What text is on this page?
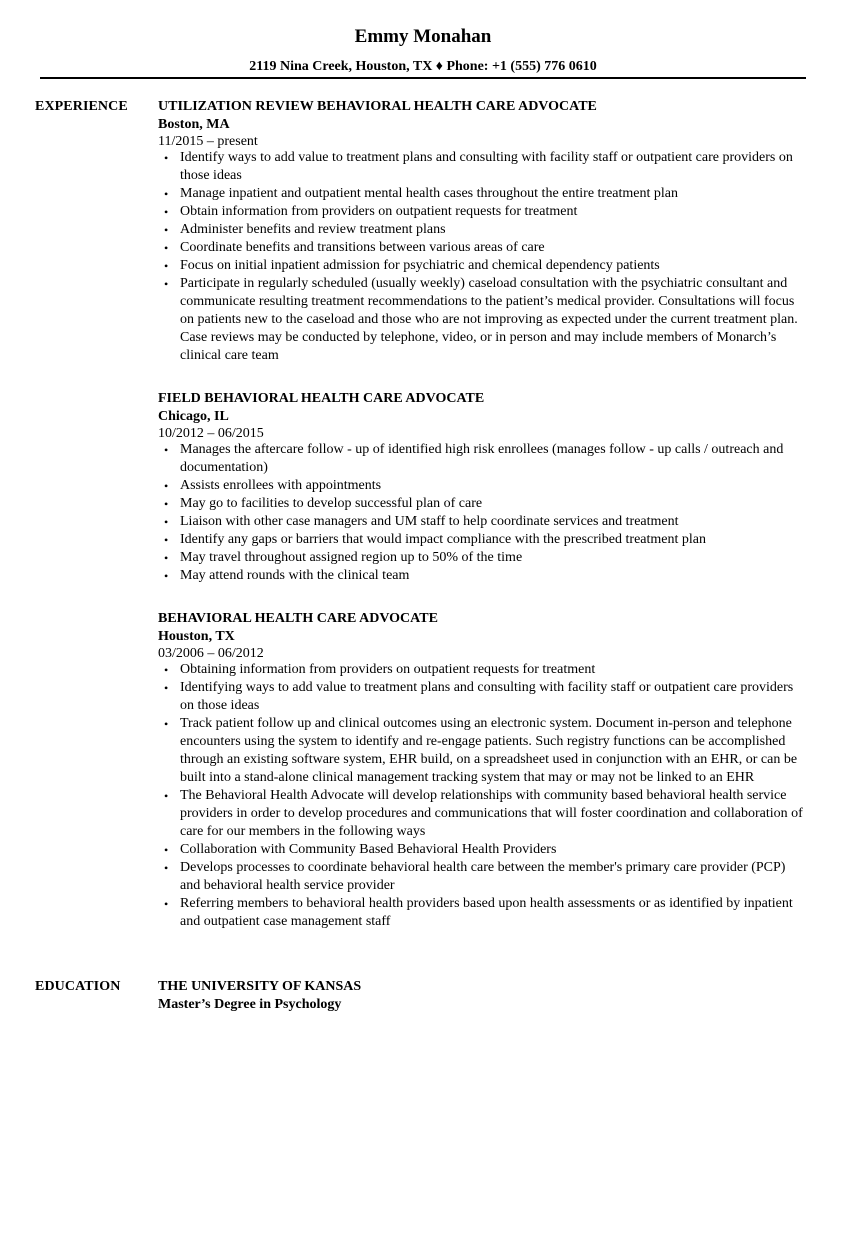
Emmy Monahan
2119 Nina Creek, Houston, TX ♦ Phone: +1 (555) 776 0610
EXPERIENCE UTILIZATION REVIEW BEHAVIORAL HEALTH CARE ADVOCATE
Boston, MA
11/2015 – present
• Identify ways to add value to treatment plans and consulting with facility staff or outpatient care providers on those ideas
• Manage inpatient and outpatient mental health cases throughout the entire treatment plan
• Obtain information from providers on outpatient requests for treatment
• Administer benefits and review treatment plans
• Coordinate benefits and transitions between various areas of care
• Focus on initial inpatient admission for psychiatric and chemical dependency patients
• Participate in regularly scheduled (usually weekly) caseload consultation with the psychiatric consultant and communicate resulting treatment recommendations to the patient’s medical provider. Consultations will focus on patients new to the caseload and those who are not improving as expected under the current treatment plan. Case reviews may be conducted by telephone, video, or in person and may include members of Monarch’s clinical care team
FIELD BEHAVIORAL HEALTH CARE ADVOCATE
Chicago, IL
10/2012 – 06/2015
• Manages the aftercare follow - up of identified high risk enrollees (manages follow - up calls / outreach and documentation)
• Assists enrollees with appointments
• May go to facilities to develop successful plan of care
• Liaison with other case managers and UM staff to help coordinate services and treatment
• Identify any gaps or barriers that would impact compliance with the prescribed treatment plan
• May travel throughout assigned region up to 50% of the time
• May attend rounds with the clinical team
BEHAVIORAL HEALTH CARE ADVOCATE
Houston, TX
03/2006 – 06/2012
• Obtaining information from providers on outpatient requests for treatment
• Identifying ways to add value to treatment plans and consulting with facility staff or outpatient care providers on those ideas
• Track patient follow up and clinical outcomes using an electronic system. Document in-person and telephone encounters using the system to identify and re-engage patients. Such registry functions can be accomplished through an existing software system, EHR build, on a spreadsheet used in conjunction with an EHR, or can be built into a stand-alone clinical management tracking system that may or may not be linked to an EHR
• The Behavioral Health Advocate will develop relationships with community based behavioral health service providers in order to develop procedures and communications that will foster coordination and collaboration of care for our members in the following ways
• Collaboration with Community Based Behavioral Health Providers
• Develops processes to coordinate behavioral health care between the member's primary care provider (PCP) and behavioral health service provider
• Referring members to behavioral health providers based upon health assessments or as identified by inpatient and outpatient case management staff
EDUCATION	THE UNIVERSITY OF KANSAS
Master’s Degree in Psychology
